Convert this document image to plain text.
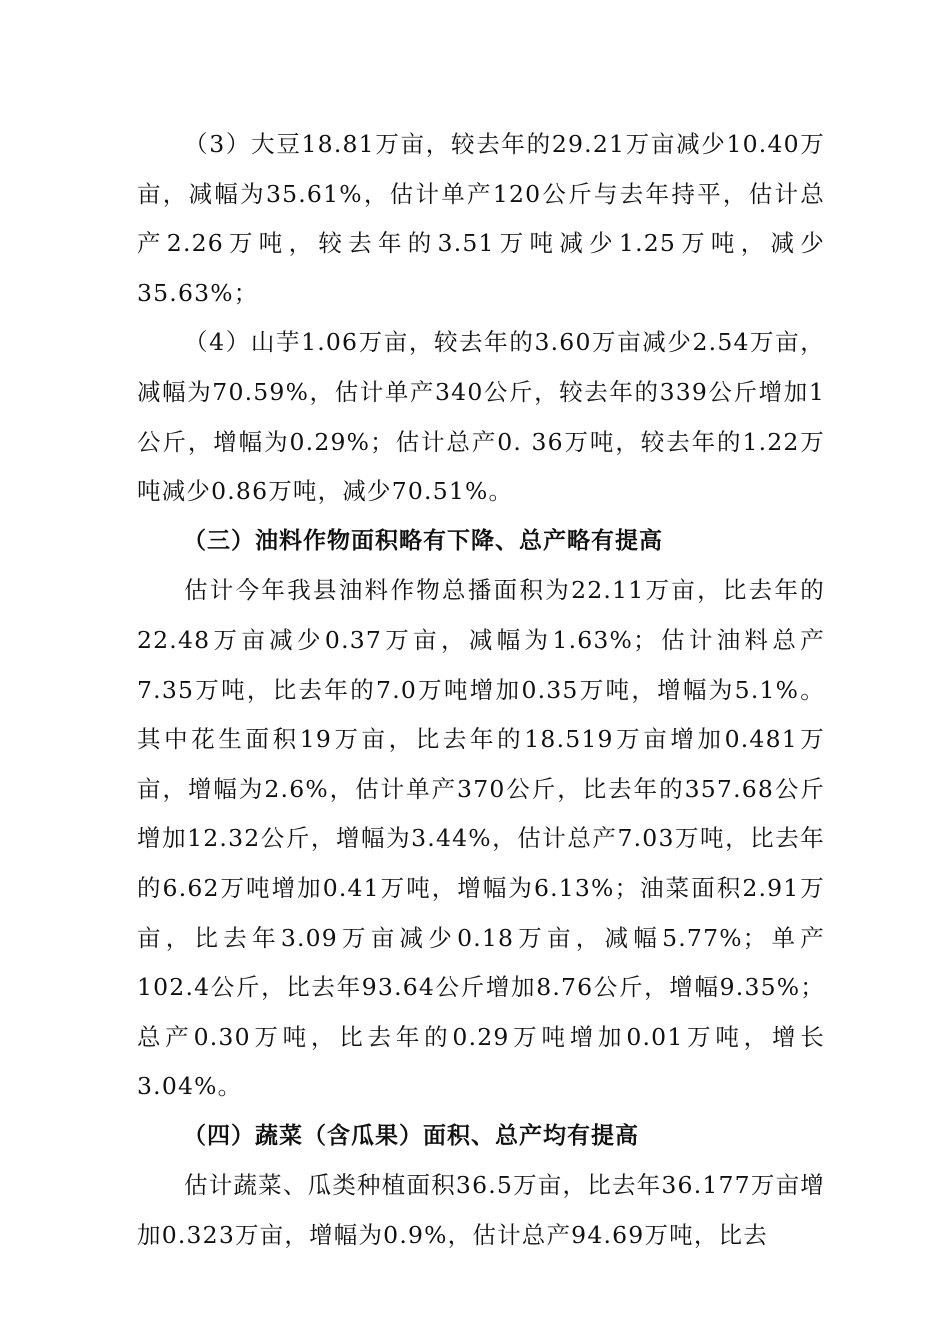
（3）大豆18.81万亩，较去年的29.21万亩减少10.40万亩，减幅为35.61%，估计单产120公斤与去年持平，估计总产2.26万吨，较去年的3.51万吨减少1.25万吨，减少35.63%；

（4）山芋1.06万亩，较去年的3.60万亩减少2.54万亩，减幅为70.59%，估计单产340公斤，较去年的339公斤增加1公斤，增幅为0.29%；估计总产0. 36万吨，较去年的1.22万吨减少0.86万吨，减少70.51%。

（三）油料作物面积略有下降、总产略有提高

估计今年我县油料作物总播面积为22.11万亩，比去年的22.48万亩减少0.37万亩，减幅为1.63%；估计油料总产7.35万吨，比去年的7.0万吨增加0.35万吨，增幅为5.1%。其中花生面积19万亩，比去年的18.519万亩增加0.481万亩，增幅为2.6%，估计单产370公斤，比去年的357.68公斤增加12.32公斤，增幅为3.44%，估计总产7.03万吨，比去年的6.62万吨增加0.41万吨，增幅为6.13%；油菜面积2.91万亩，比去年3.09万亩减少0.18万亩，减幅5.77%；单产102.4公斤，比去年93.64公斤增加8.76公斤，增幅9.35%；总产0.30万吨，比去年的0.29万吨增加0.01万吨，增长3.04%。

（四）蔬菜（含瓜果）面积、总产均有提高

估计蔬菜、瓜类种植面积36.5万亩，比去年36.177万亩增加0.323万亩，增幅为0.9%，估计总产94.69万吨，比去
